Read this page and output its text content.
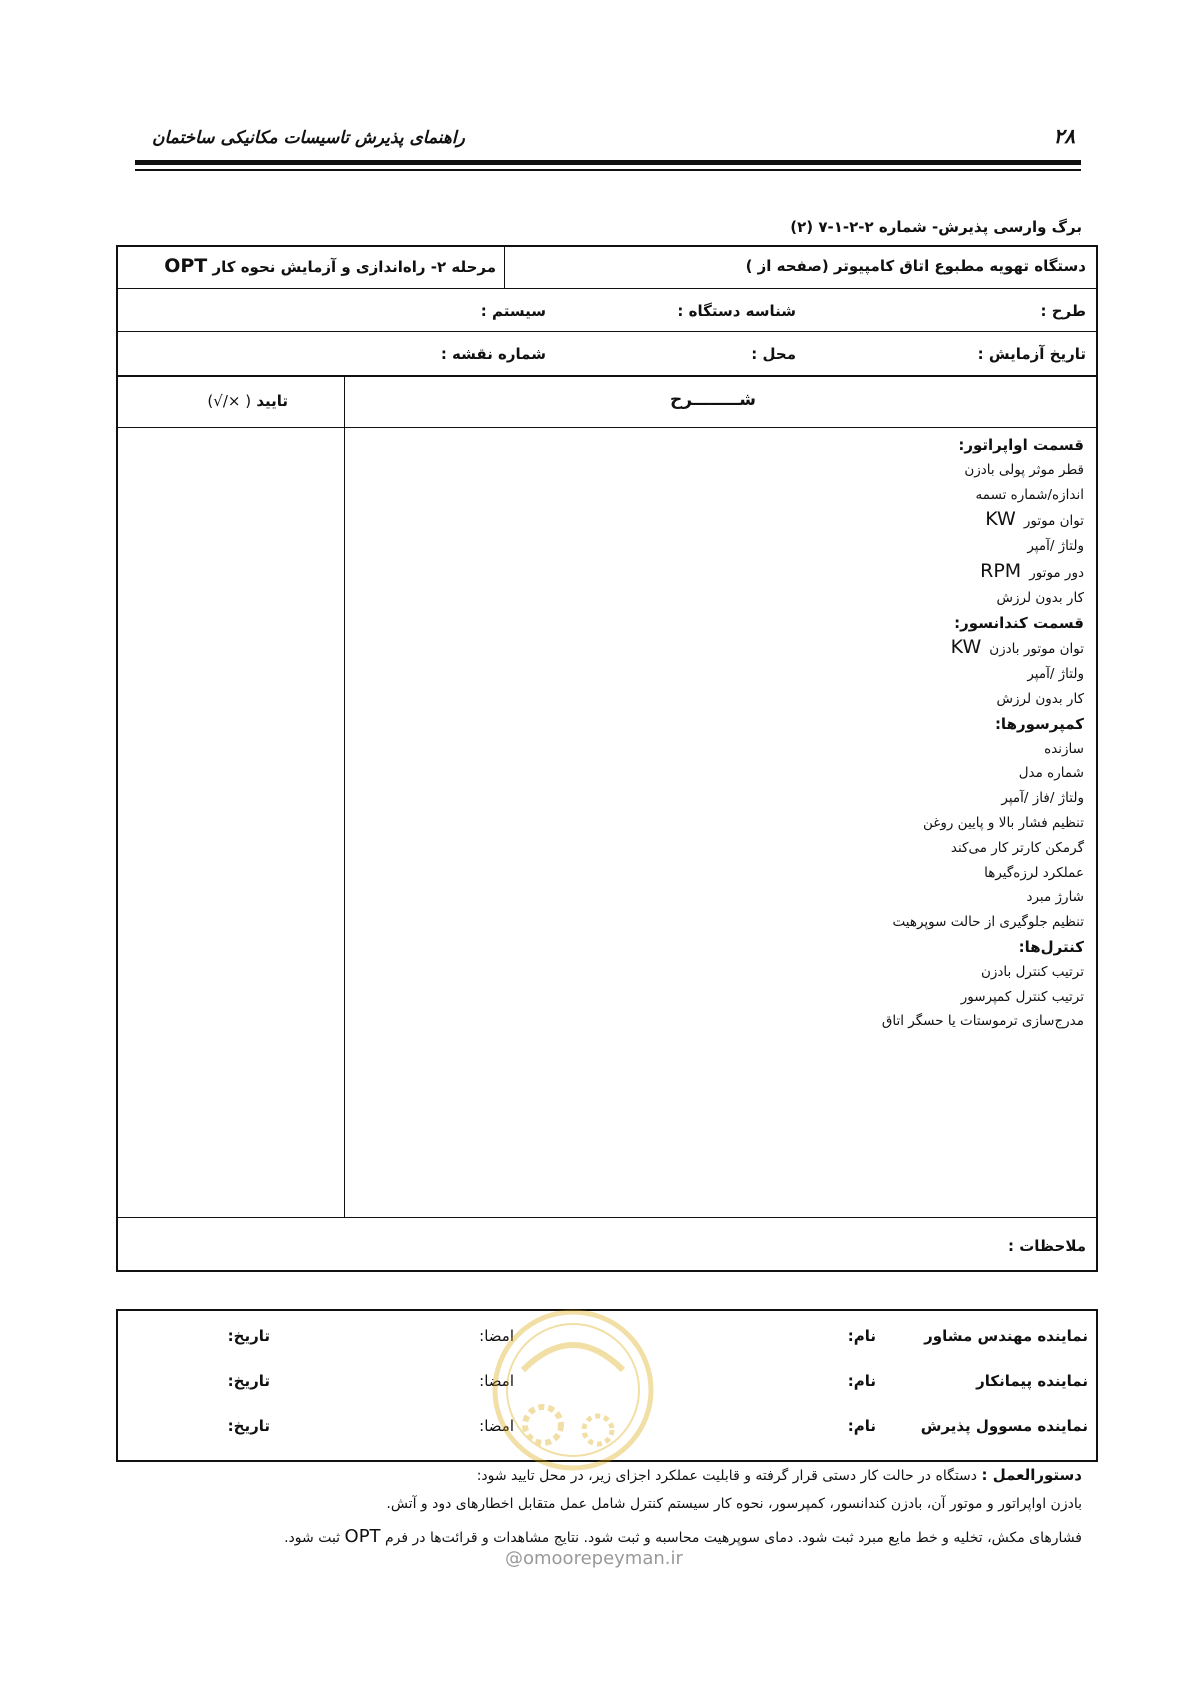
راهنمای پذیرش تاسیسات مکانیکی ساختمان	۲۸
برگ وارسی پذیرش- شماره ۲-۲-۱-۷ (۲)
دستگاه تهویه مطبوع اتاق کامپیوتر (صفحه از )
مرحله ۲- راه‌اندازی و آزمایش نحوه کار OPT
طرح :
شناسه دستگاه :
سیستم :
تاریخ آزمایش :
محل :
شماره نقشه :
شــــــــرح
تایید ( ×/√)
ملاحظات :
قسمت اواپراتور:
قطر موثر پولی بادزن
اندازه/شماره تسمه
توان موتورKW
ولتاژ /آمپر
دور موتورRPM
کار بدون لرزش
قسمت کندانسور:
توان موتور بادزنKW
ولتاژ /آمپر
کار بدون لرزش
کمپرسورها:
سازنده
شماره مدل
ولتاژ /فاز /آمپر
تنظیم فشار بالا و پایین روغن
گرمکن کارتر کار می‌کند
عملکرد لرزه‌گیرها
شارژ مبرد
تنظیم جلوگیری از حالت سوپرهیت
کنترل‌ها:
ترتیب کنترل بادزن
ترتیب کنترل کمپرسور
مدرج‌سازی ترموستات یا حسگر اتاق
نماینده مهندس مشاور
نماینده پیمانکار
نماینده مسوول پذیرش
نام:
نام:
نام:
امضا:
امضا:
امضا:
تاریخ:
تاریخ:
تاریخ:
@omoorepeyman.ir
دستورالعمل : دستگاه در حالت کار دستی قرار گرفته و قابلیت عملکرد اجزای زیر، در محل تایید شود:
بادزن اواپراتور و موتور آن، بادزن کندانسور، کمپرسور، نحوه کار سیستم کنترل شامل عمل متقابل اخطارهای دود و آتش.
فشارهای مکش، تخلیه و خط مایع مبرد ثبت شود. دمای سوپرهیت محاسبه و ثبت شود. نتایج مشاهدات و قرائت‌ها در فرم OPT ثبت شود.
